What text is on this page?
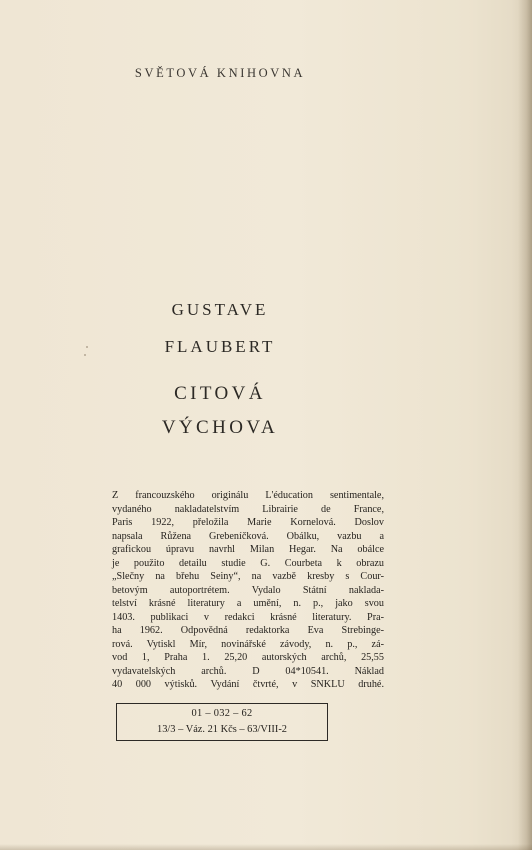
SVĚTOVÁ KNIHOVNA
GUSTAVE
FLAUBERT
CITOVÁ
VÝCHOVA
Z francouzského originálu L'éducation sentimentale,
vydaného nakladatelstvím Librairie de France,
Paris 1922, přeložila Marie Kornelová. Doslov
napsala Růžena Grebeníčková. Obálku, vazbu a
grafickou úpravu navrhl Milan Hegar. Na obálce
je použito detailu studie G. Courbeta k obrazu
„Slečny na břehu Seiny“, na vazbě kresby s Cour-
betovým autoportrétem. Vydalo Státní naklada-
telství krásné literatury a umění, n. p., jako svou
1403. publikaci v redakci krásné literatury. Pra-
ha 1962. Odpovědná redaktorka Eva Strebinge-
rová. Vytiskl Mír, novinářské závody, n. p., zá-
vod 1, Praha 1. 25,20 autorských archů, 25,55
vydavatelských archů. D 04*10541. Náklad
40 000 výtisků. Vydání čtvrté, v SNKLU druhé.
01 – 032 – 62
13/3 – Váz. 21 Kčs – 63/VIII-2
